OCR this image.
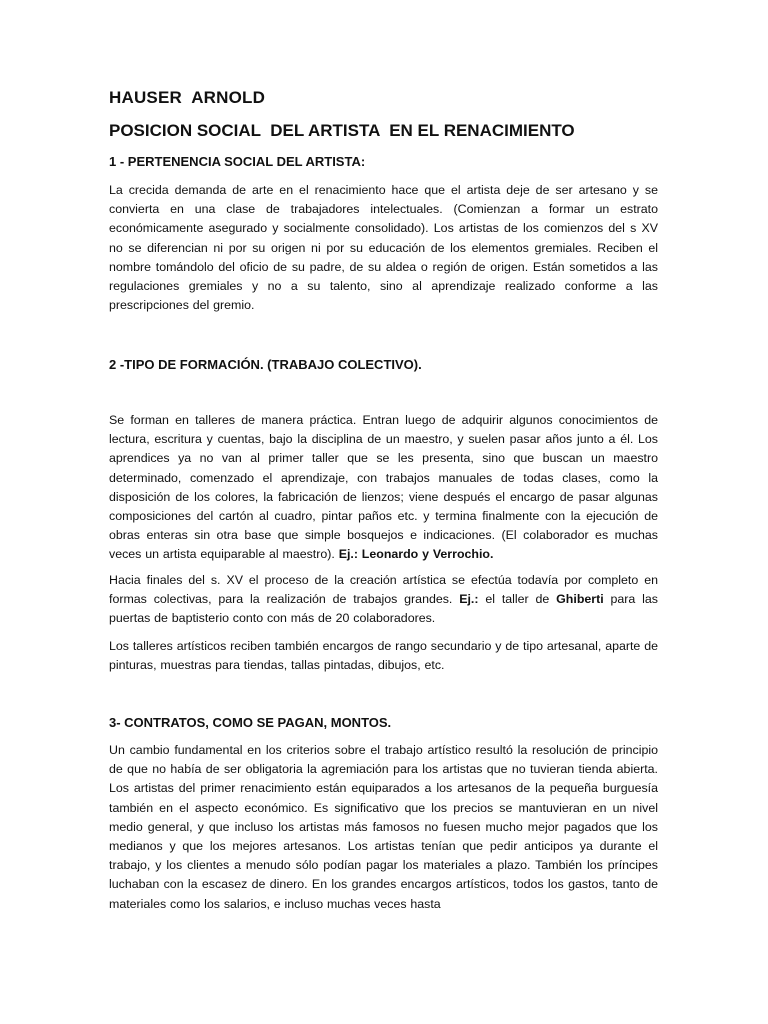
HAUSER  ARNOLD
POSICION SOCIAL  DEL ARTISTA  EN EL RENACIMIENTO
1 - PERTENENCIA SOCIAL DEL ARTISTA:
La crecida demanda de arte en el renacimiento hace que el artista deje de ser artesano y se convierta en una clase de trabajadores intelectuales. (Comienzan a formar un estrato económicamente asegurado y socialmente consolidado). Los artistas de los comienzos del s XV no se diferencian ni por su origen ni por su educación de los elementos gremiales. Reciben el nombre tomándolo del oficio de su padre, de su aldea o región de origen. Están sometidos a las regulaciones gremiales y no a su talento, sino al aprendizaje realizado conforme a las prescripciones del gremio.
2 -TIPO DE FORMACIÓN. (TRABAJO COLECTIVO).
Se forman en talleres de manera práctica. Entran luego de adquirir algunos conocimientos de lectura, escritura y cuentas, bajo la disciplina de un maestro, y suelen pasar años junto a él. Los aprendices ya no van al primer taller que se les presenta, sino que buscan un maestro determinado, comenzado el aprendizaje, con trabajos manuales de todas clases, como la disposición de los colores, la fabricación de lienzos; viene después el encargo de pasar algunas composiciones del cartón al cuadro, pintar paños etc. y termina finalmente con la ejecución de obras enteras sin otra base que simple bosquejos e indicaciones. (El colaborador es muchas veces un artista equiparable al maestro). Ej.: Leonardo y Verrochio.
Hacia finales del s. XV el proceso de la creación artística se efectúa todavía por completo en formas colectivas, para la realización de trabajos grandes. Ej.: el taller de Ghiberti para las puertas de baptisterio conto con más de 20 colaboradores.
Los talleres artísticos reciben también encargos de rango secundario y de tipo artesanal, aparte de pinturas, muestras para tiendas, tallas pintadas, dibujos, etc.
3- CONTRATOS, COMO SE PAGAN, MONTOS.
Un cambio fundamental en los criterios sobre el trabajo artístico resultó la resolución de principio de que no había de ser obligatoria la agremiación para los artistas que no tuvieran tienda abierta. Los artistas del primer renacimiento están equiparados a los artesanos de la pequeña burguesía también en el aspecto económico. Es significativo que los precios se mantuvieran en un nivel medio general, y que incluso los artistas más famosos no fuesen mucho mejor pagados que los medianos y que los mejores artesanos. Los artistas tenían que pedir anticipos ya durante el trabajo, y los clientes a menudo sólo podían pagar los materiales a plazo. También los príncipes luchaban con la escasez de dinero. En los grandes encargos artísticos, todos los gastos, tanto de materiales como los salarios, e incluso muchas veces hasta
